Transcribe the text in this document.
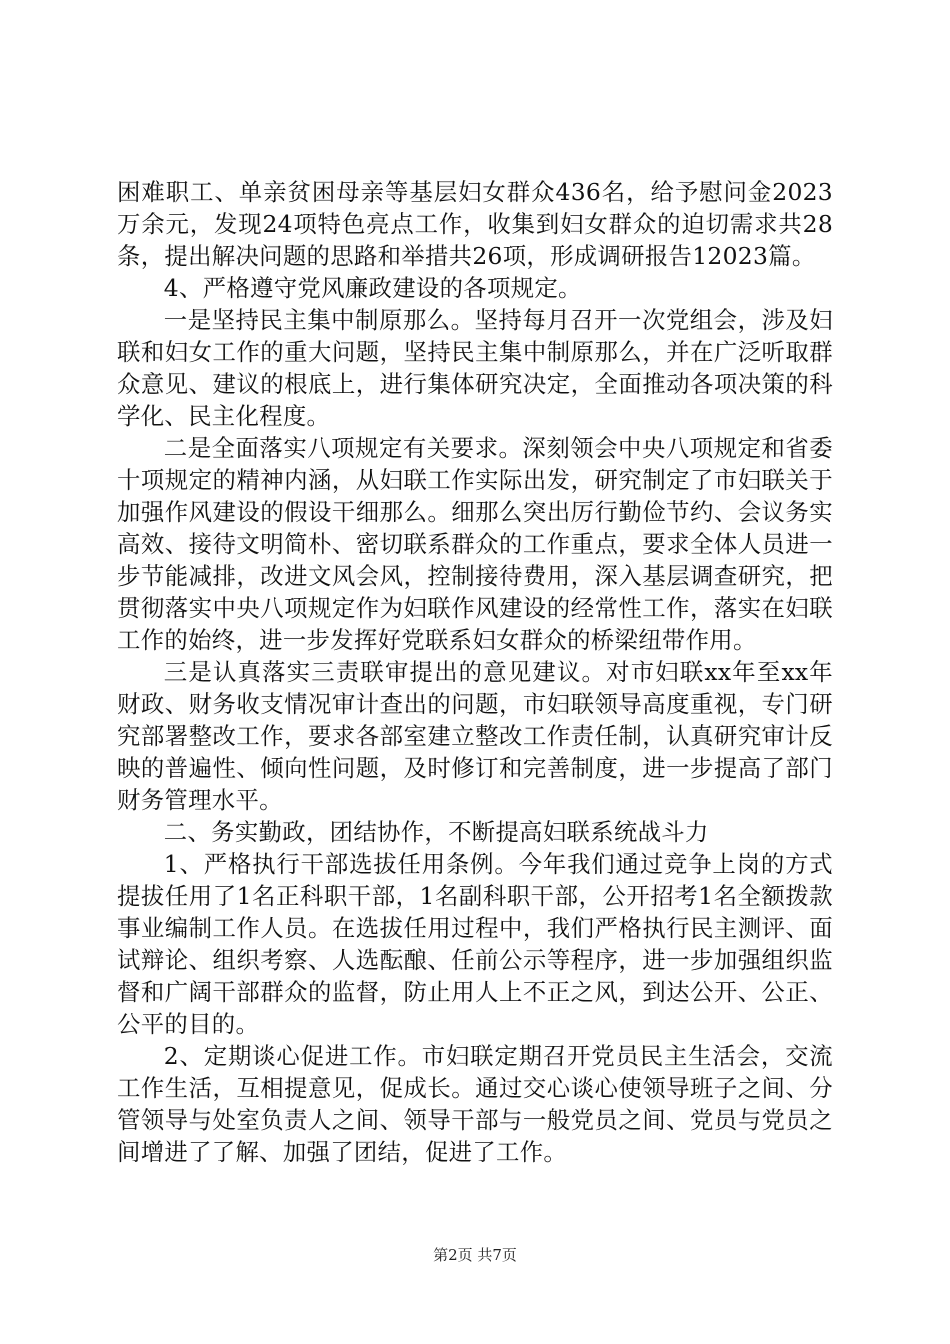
困难职工、单亲贫困母亲等基层妇女群众436名，给予慰问金2023万余元，发现24项特色亮点工作，收集到妇女群众的迫切需求共28条，提出解决问题的思路和举措共26项，形成调研报告12023篇。

4、严格遵守党风廉政建设的各项规定。

一是坚持民主集中制原那么。坚持每月召开一次党组会，涉及妇联和妇女工作的重大问题，坚持民主集中制原那么，并在广泛听取群众意见、建议的根底上，进行集体研究决定，全面推动各项决策的科学化、民主化程度。

二是全面落实八项规定有关要求。深刻领会中央八项规定和省委十项规定的精神内涵，从妇联工作实际出发，研究制定了市妇联关于加强作风建设的假设干细那么。细那么突出厉行勤俭节约、会议务实高效、接待文明简朴、密切联系群众的工作重点，要求全体人员进一步节能减排，改进文风会风，控制接待费用，深入基层调查研究，把贯彻落实中央八项规定作为妇联作风建设的经常性工作，落实在妇联工作的始终，进一步发挥好党联系妇女群众的桥梁纽带作用。

三是认真落实三责联审提出的意见建议。对市妇联xx年至xx年财政、财务收支情况审计查出的问题，市妇联领导高度重视，专门研究部署整改工作，要求各部室建立整改工作责任制，认真研究审计反映的普遍性、倾向性问题，及时修订和完善制度，进一步提高了部门财务管理水平。

二、务实勤政，团结协作，不断提高妇联系统战斗力

1、严格执行干部选拔任用条例。今年我们通过竞争上岗的方式提拔任用了1名正科职干部，1名副科职干部，公开招考1名全额拨款事业编制工作人员。在选拔任用过程中，我们严格执行民主测评、面试辩论、组织考察、人选酝酿、任前公示等程序，进一步加强组织监督和广阔干部群众的监督，防止用人上不正之风，到达公开、公正、公平的目的。

2、定期谈心促进工作。市妇联定期召开党员民主生活会，交流工作生活，互相提意见，促成长。通过交心谈心使领导班子之间、分管领导与处室负责人之间、领导干部与一般党员之间、党员与党员之间增进了了解、加强了团结，促进了工作。

第2页 共7页
